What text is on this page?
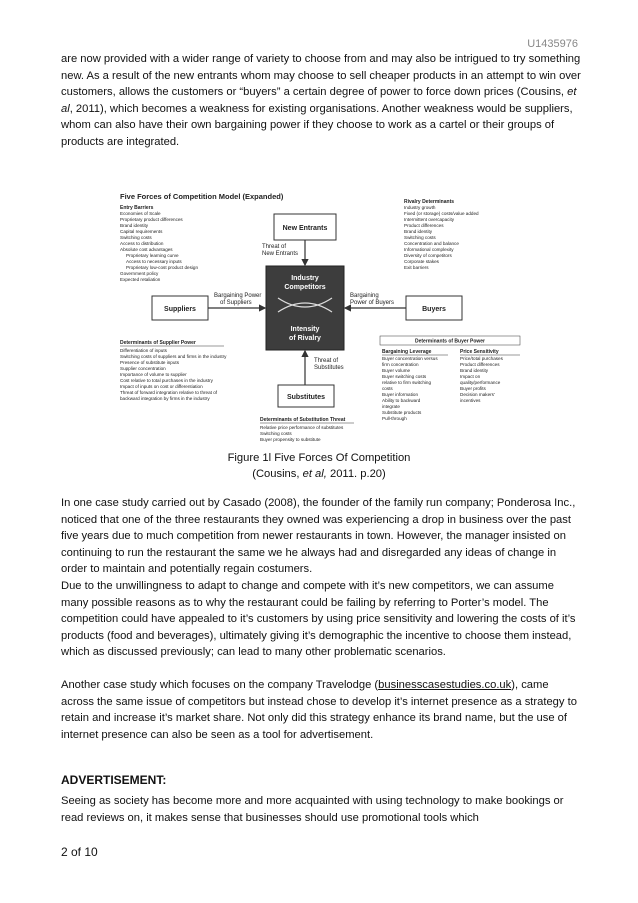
U1435976

are now provided with a wider range of variety to choose from and may also be intrigued to try something new. As a result of the new entrants whom may choose to sell cheaper products in an attempt to win over customers, allows the customers or “buyers” a certain degree of power to force down prices (Cousins, et al, 2011), which becomes a weakness for existing organisations. Another weakness would be suppliers, whom can also have their own bargaining power if they choose to work as a cartel or their groups of products are integrated.

Five Forces of Competition Model (Expanded)
New Entrants
Suppliers	Buyers
Substitutes
Industry
Competitors
Intensity
of Rivalry
Threat of
New Entrants
Bargaining Power
of Suppliers
Bargaining
Power of Buyers
Threat of
Substitutes
Entry Barriers
Economies of Scale
Proprietary product differences
Brand identity
Capital requirements
Switching costs
Access to distribution
Absolute cost advantages
Proprietary learning curve
Access to necessary inputs
Proprietary low-cost product design
Government policy
Expected retaliation
Rivalry Determinants
Industry growth
Fixed (or storage) costs/value added
Intermittent overcapacity
Product differences
Brand identity
Switching costs
Concentration and balance
Informational complexity
Diversity of competitors
Corporate stakes
Exit barriers
Determinants of Supplier Power
Differentiation of inputs
Switching costs of suppliers and firms in the industry
Presence of substitute inputs
Supplier concentration
Importance of volume to supplier
Cost relative to total purchases in the industry
Impact of inputs on cost or differentiation
Threat of forward integration relative to threat of
backward integration by firms in the industry
Determinants of Buyer Power
Bargaining Leverage
Buyer concentration versus
firm concentration
Buyer volume
Buyer switching costs
relative to firm switching
costs
Buyer information
Ability to backward
integrate
Substitute products
Pull-through
Price Sensitivity
Price/total purchases
Product differences
Brand identity
Impact on
quality/performance
Buyer profits
Decision makers'
incentives
Determinants of Substitution Threat
Relative price performance of substitutes
Switching costs
Buyer propensity to substitute
Figure 1l Five Forces Of Competition
(Cousins, et al, 2011. p.20)

In one case study carried out by Casado (2008), the founder of the family run company; Ponderosa Inc., noticed that one of the three restaurants they owned was experiencing a drop in business over the past five years due to much competition from newer restaurants in town. However, the manager insisted on continuing to run the restaurant the same we he always had and disregarded any ideas of change in order to maintain and potentially regain costumers.

Due to the unwillingness to adapt to change and compete with it’s new competitors, we can assume many possible reasons as to why the restaurant could be failing by referring to Porter’s model. The competition could have appealed to it’s customers by using price sensitivity and lowering the costs of it’s products (food and beverages), ultimately giving it’s demographic the incentive to choose them instead, which as discussed previously; can lead to many other problematic scenarios.

Another case study which focuses on the company Travelodge (businesscasestudies.co.uk), came across the same issue of competitors but instead chose to develop it’s internet presence as a strategy to retain and increase it’s market share. Not only did this strategy enhance its brand name, but the use of internet presence can also be seen as a tool for advertisement.

ADVERTISEMENT:

Seeing as society has become more and more acquainted with using technology to make bookings or read reviews on, it makes sense that businesses should use promotional tools which

2 of 10
